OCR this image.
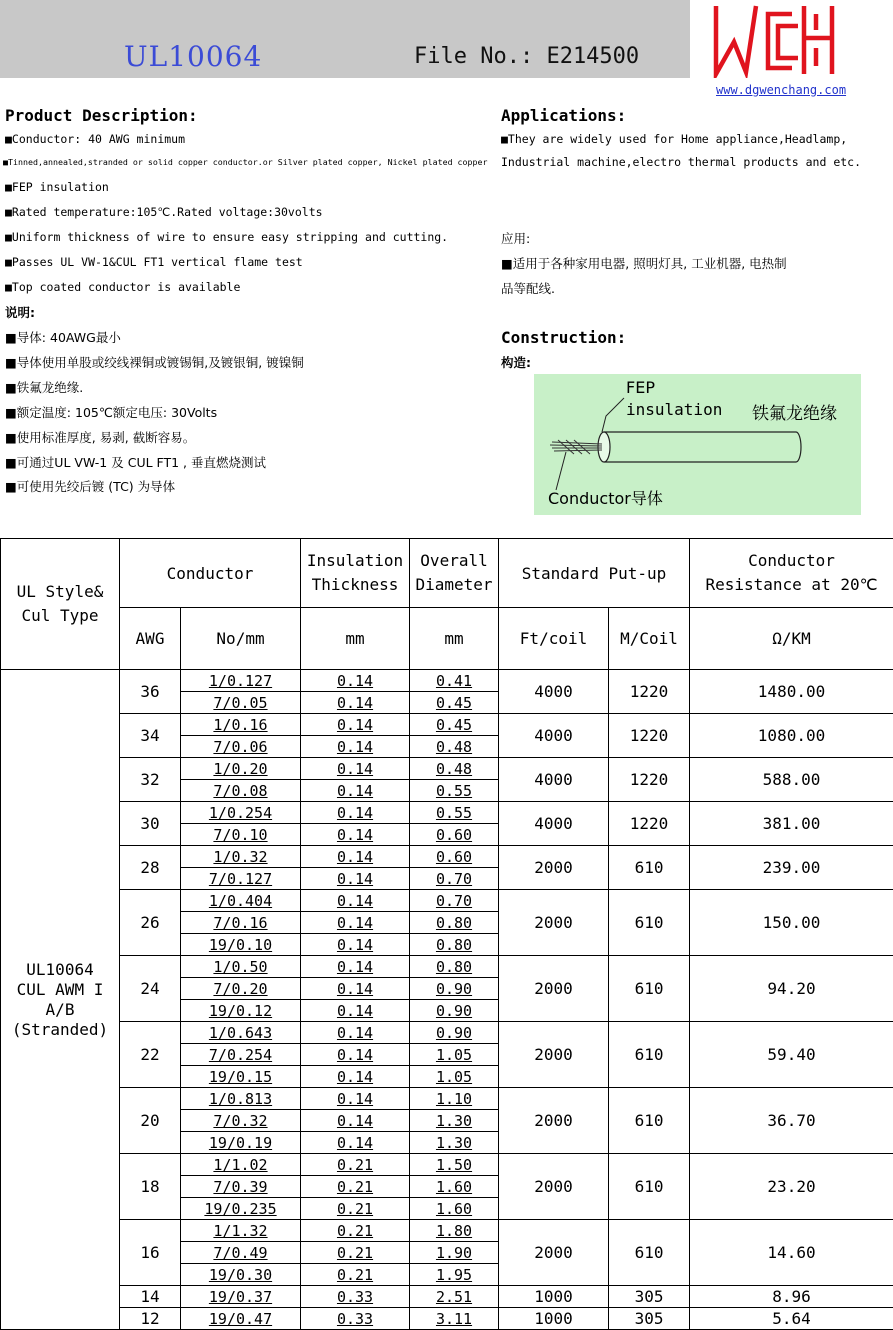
UL10064	File No.: E214500
www.dgwenchang.com
Product Description:
■Conductor: 40 AWG minimum
■Tinned,annealed,stranded or solid copper conductor.or Silver plated copper, Nickel plated copper
■FEP insulation
■Rated temperature:105℃.Rated voltage:30volts
■Uniform thickness of wire to ensure easy stripping and cutting.
■Passes UL VW-1&CUL FT1 vertical flame test
■Top coated conductor is available
说明:
■导体: 40AWG最小
■导体使用单股或绞线裸铜或镀锡铜,及镀银铜, 镀镍铜
■铁氟龙绝缘.
■额定温度: 105℃额定电压: 30Volts
■使用标准厚度, 易剥, 截断容易。
■可通过UL VW-1 及 CUL FT1 , 垂直燃烧测试
■可使用先绞后镀 (TC) 为导体
Applications:
■They are widely used for Home appliance,Headlamp,
Industrial machine,electro thermal products and etc.
应用:
■适用于各种家用电器, 照明灯具, 工业机器, 电热制
品等配线.
Construction:
构造:
FEP
insulation 铁氟龙绝缘
Conductor导体
UL Style&
Cul Type	Conductor		Insulation
Thickness	Overall
Diameter	Standard Put-up		Conductor
Resistance at 20℃
	AWG	No/mm	mm	mm	Ft/coil	M/Coil	Ω/KM
UL10064
CUL AWM I
A/B
(Stranded)	36	1/0.127	0.14	0.41	4000	1220	1480.00
		7/0.05	0.14	0.45			
	34	1/0.16	0.14	0.45	4000	1220	1080.00
		7/0.06	0.14	0.48			
	32	1/0.20	0.14	0.48	4000	1220	588.00
		7/0.08	0.14	0.55			
	30	1/0.254	0.14	0.55	4000	1220	381.00
		7/0.10	0.14	0.60			
	28	1/0.32	0.14	0.60	2000	610	239.00
		7/0.127	0.14	0.70			
	26	1/0.404	0.14	0.70	2000	610	150.00
		7/0.16	0.14	0.80			
		19/0.10	0.14	0.80			
	24	1/0.50	0.14	0.80	2000	610	94.20
		7/0.20	0.14	0.90			
		19/0.12	0.14	0.90			
	22	1/0.643	0.14	0.90	2000	610	59.40
		7/0.254	0.14	1.05			
		19/0.15	0.14	1.05			
	20	1/0.813	0.14	1.10	2000	610	36.70
		7/0.32	0.14	1.30			
		19/0.19	0.14	1.30			
	18	1/1.02	0.21	1.50	2000	610	23.20
		7/0.39	0.21	1.60			
		19/0.235	0.21	1.60			
	16	1/1.32	0.21	1.80	2000	610	14.60
		7/0.49	0.21	1.90			
		19/0.30	0.21	1.95			
	14	19/0.37	0.33	2.51	1000	305	8.96
	12	19/0.47	0.33	3.11	1000	305	5.64
